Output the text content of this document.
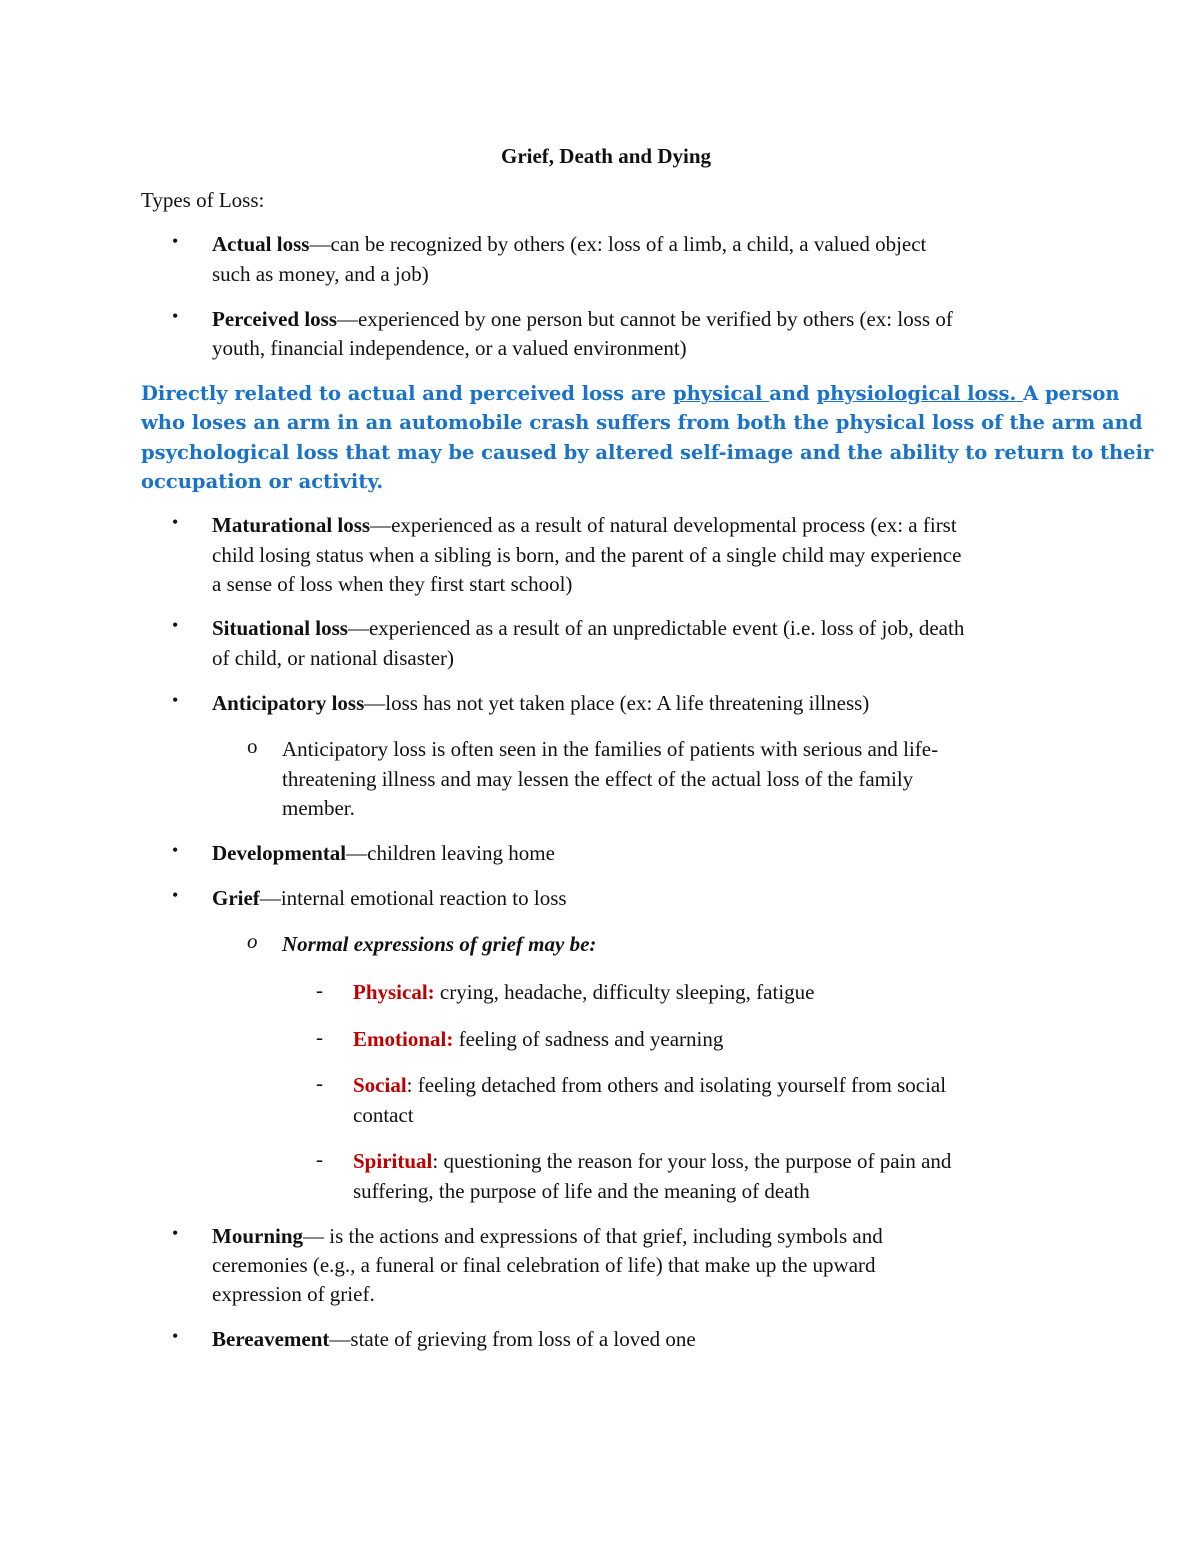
Grief, Death and Dying
Types of Loss:
• Actual loss—can be recognized by others (ex: loss of a limb, a child, a valued object
such as money, and a job)
• Perceived loss—experienced by one person but cannot be verified by others (ex: loss of
youth, financial independence, or a valued environment)
Directly related to actual and perceived loss are physical and physiological loss. A person
who loses an arm in an automobile crash suffers from both the physical loss of the arm and
psychological loss that may be caused by altered self-image and the ability to return to their
occupation or activity.
• Maturational loss—experienced as a result of natural developmental process (ex: a first
child losing status when a sibling is born, and the parent of a single child may experience
a sense of loss when they first start school)
• Situational loss—experienced as a result of an unpredictable event (i.e. loss of job, death
of child, or national disaster)
• Anticipatory loss—loss has not yet taken place (ex: A life threatening illness)
o Anticipatory loss is often seen in the families of patients with serious and life-
threatening illness and may lessen the effect of the actual loss of the family
member.
• Developmental—children leaving home
• Grief—internal emotional reaction to loss
o Normal expressions of grief may be:
- Physical: crying, headache, difficulty sleeping, fatigue
- Emotional: feeling of sadness and yearning
- Social: feeling detached from others and isolating yourself from social
contact
- Spiritual: questioning the reason for your loss, the purpose of pain and
suffering, the purpose of life and the meaning of death
• Mourning— is the actions and expressions of that grief, including symbols and
ceremonies (e.g., a funeral or final celebration of life) that make up the upward
expression of grief.
• Bereavement—state of grieving from loss of a loved one
